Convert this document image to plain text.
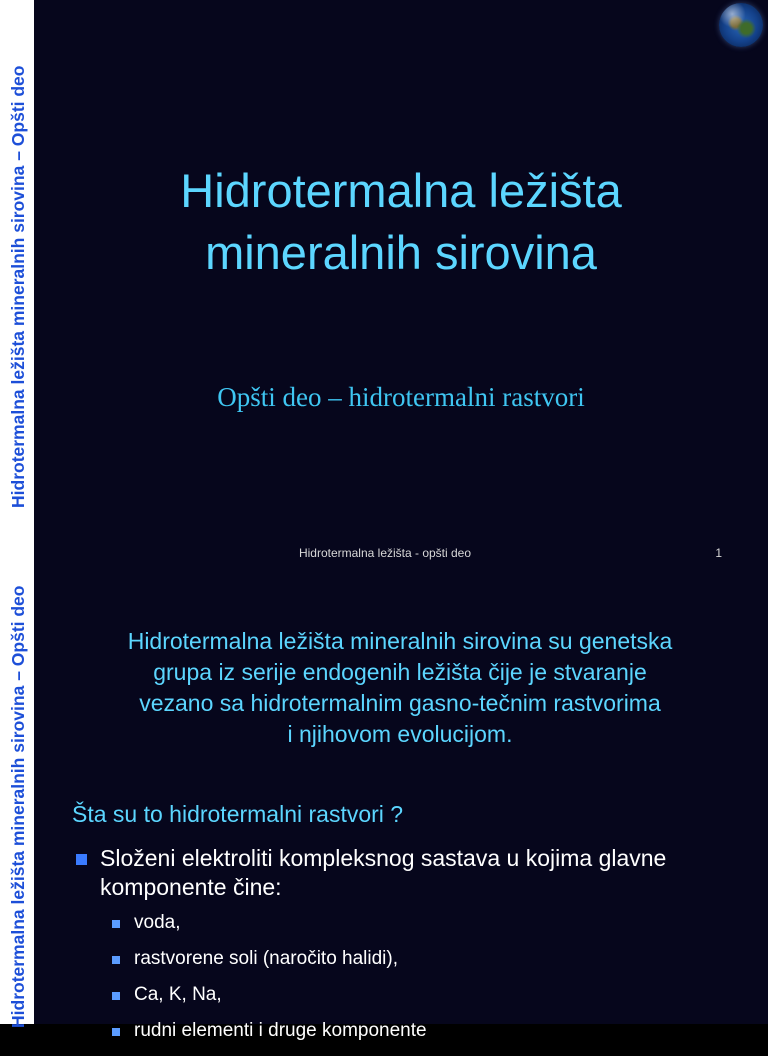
Hidrotermalna ležišta mineralnih sirovina – Opšti deo	Hidrotermalna ležišta
mineralnih sirovina
Opšti deo – hidrotermalni rastvori
Hidrotermalna ležišta - opšti deo	1
Hidrotermalna ležišta mineralnih sirovina – Opšti deo	Hidrotermalna ležišta mineralnih sirovina su genetska
grupa iz serije endogenih ležišta čije je stvaranje
vezano sa hidrotermalnim gasno-tečnim rastvorima
i njihovom evolucijom.
Šta su to hidrotermalni rastvori ?
Složeni elektroliti kompleksnog sastava u kojima glavne
komponente čine:
voda,
rastvorene soli (naročito halidi),
Ca, K, Na,
rudni elementi i druge komponente
